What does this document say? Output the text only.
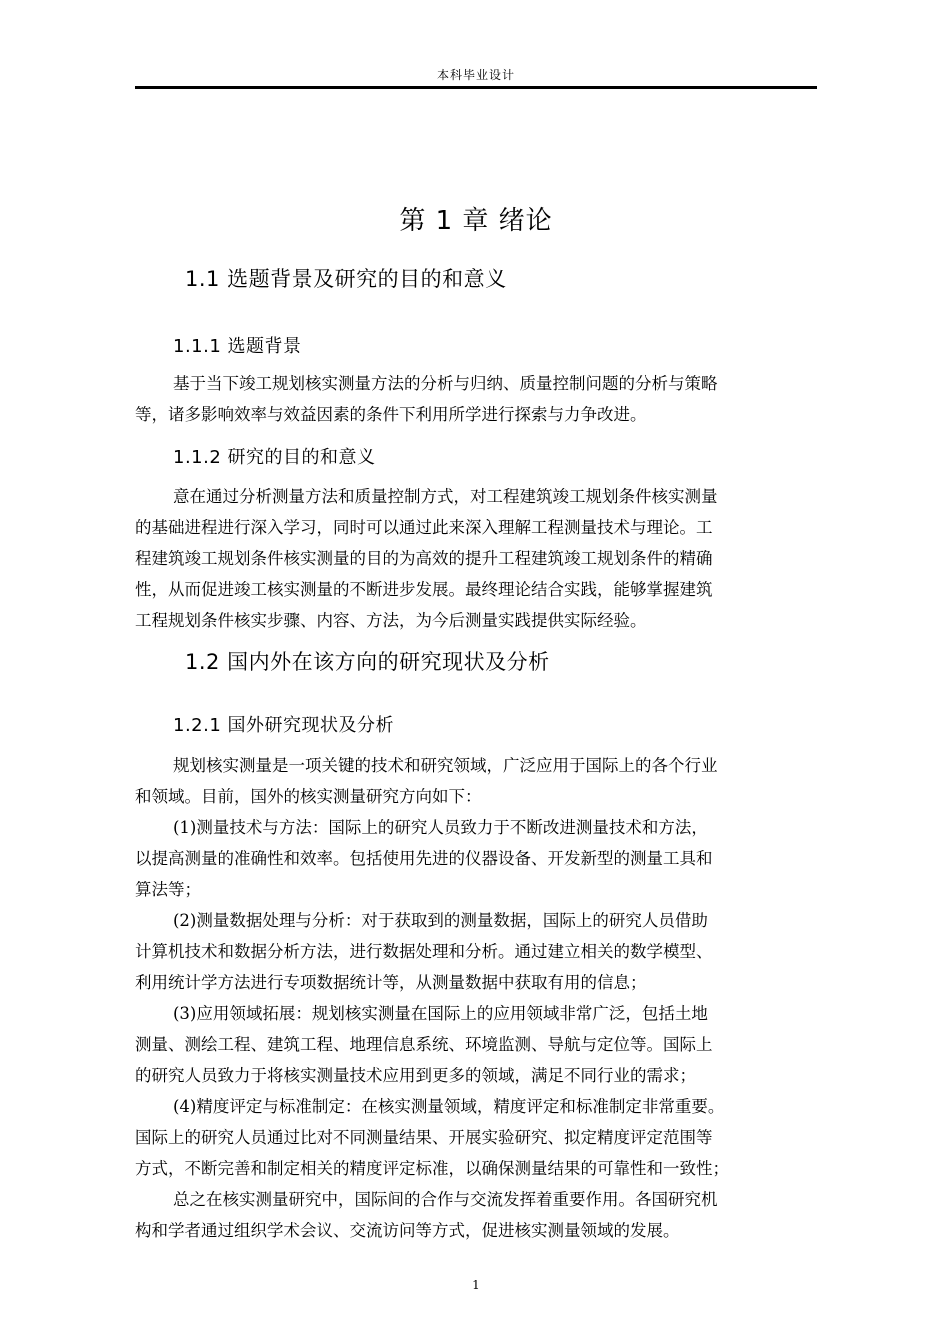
本科毕业设计
第 1 章 绪论
1.1 选题背景及研究的目的和意义
1.1.1 选题背景
基于当下竣工规划核实测量方法的分析与归纳、质量控制问题的分析与策略
等，诸多影响效率与效益因素的条件下利用所学进行探索与力争改进。
1.1.2 研究的目的和意义
意在通过分析测量方法和质量控制方式，对工程建筑竣工规划条件核实测量
的基础进程进行深入学习，同时可以通过此来深入理解工程测量技术与理论。工
程建筑竣工规划条件核实测量的目的为高效的提升工程建筑竣工规划条件的精确
性，从而促进竣工核实测量的不断进步发展。最终理论结合实践，能够掌握建筑
工程规划条件核实步骤、内容、方法，为今后测量实践提供实际经验。
1.2 国内外在该方向的研究现状及分析
1.2.1 国外研究现状及分析
规划核实测量是一项关键的技术和研究领域，广泛应用于国际上的各个行业
和领域。目前，国外的核实测量研究方向如下：
(1)测量技术与方法：国际上的研究人员致力于不断改进测量技术和方法，
以提高测量的准确性和效率。包括使用先进的仪器设备、开发新型的测量工具和
算法等；
(2)测量数据处理与分析：对于获取到的测量数据，国际上的研究人员借助
计算机技术和数据分析方法，进行数据处理和分析。通过建立相关的数学模型、
利用统计学方法进行专项数据统计等，从测量数据中获取有用的信息；
(3)应用领域拓展：规划核实测量在国际上的应用领域非常广泛，包括土地
测量、测绘工程、建筑工程、地理信息系统、环境监测、导航与定位等。国际上
的研究人员致力于将核实测量技术应用到更多的领域，满足不同行业的需求；
(4)精度评定与标准制定：在核实测量领域，精度评定和标准制定非常重要。
国际上的研究人员通过比对不同测量结果、开展实验研究、拟定精度评定范围等
方式，不断完善和制定相关的精度评定标准，以确保测量结果的可靠性和一致性；
总之在核实测量研究中，国际间的合作与交流发挥着重要作用。各国研究机
构和学者通过组织学术会议、交流访问等方式，促进核实测量领域的发展。
1
